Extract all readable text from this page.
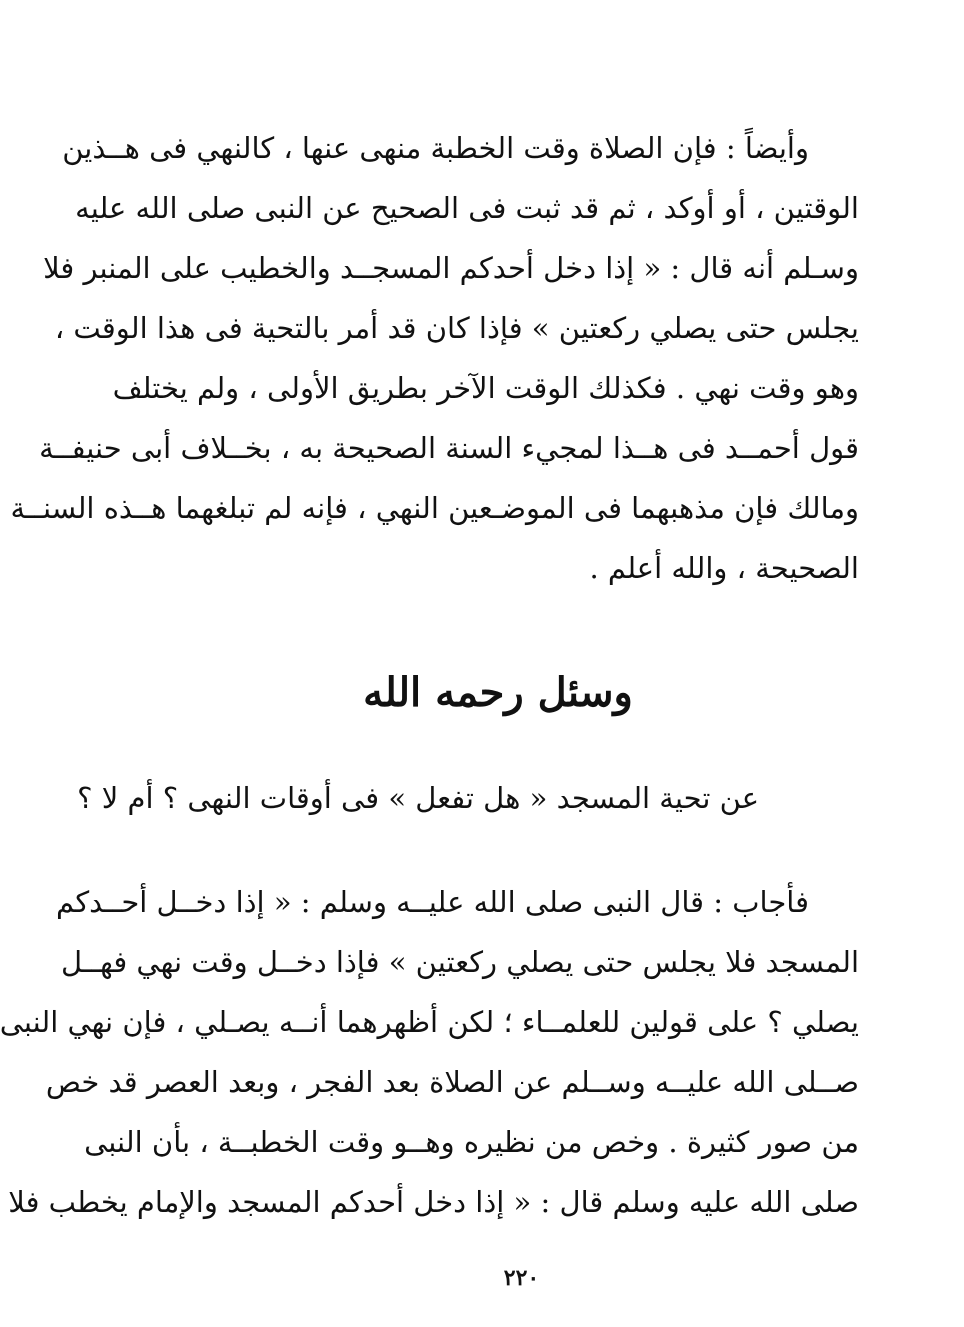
وأيضاً : فإن الصلاة وقت الخطبة منهى عنها ، كالنهي فى هــذين
الوقتين ، أو أوكد ، ثم قد ثبت فى الصحيح عن النبى صلى الله عليه
وسـلم أنه قال : « إذا دخل أحدكم المسجــد والخطيب على المنبر فلا
يجلس حتى يصلي ركعتين » فإذا كان قد أمر بالتحية فى هذا الوقت ،
وهو وقت نهي . فكذلك الوقت الآخر بطريق الأولى ، ولم يختلف
قول أحمــد فى هــذا لمجيء السنة الصحيحة به ، بخــلاف أبى حنيفــة
ومالك فإن مذهبهما فى الموضـعين النهي ، فإنه لم تبلغهما هــذه السنــة
الصحيحة ، والله أعلم .

وسئل رحمه الله

عن تحية المسجد « هل تفعل » فى أوقات النهى ؟ أم لا ؟

فأجاب : قال النبى صلى الله عليــه وسلم : « إذا دخــل أحــدكم
المسجد فلا يجلس حتى يصلي ركعتين » فإذا دخــل وقت نهي فهــل
يصلي ؟ على قولين للعلمــاء ؛ لكن أظهرهما أنــه يصـلي ، فإن نهي النبى
صــلى الله عليــه وســلم عن الصلاة بعد الفجر ، وبعد العصر قد خص
من صور كثيرة . وخص من نظيره وهــو وقت الخطبــة ، بأن النبى
صلى الله عليه وسلم قال : « إذا دخل أحدكم المسجد والإمام يخطب فلا

٢٢٠
